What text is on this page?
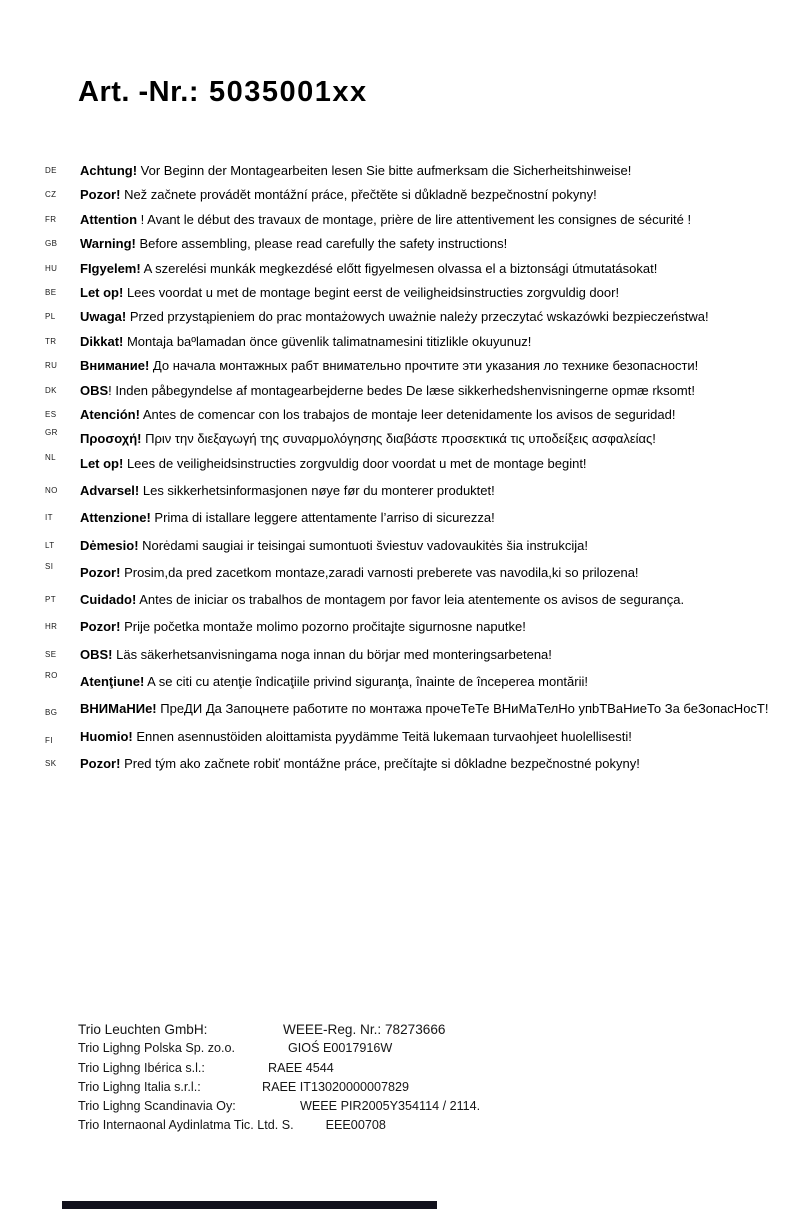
Art. -Nr.: 5035001xx
DE	Achtung! Vor Beginn der Montagearbeiten lesen Sie bitte aufmerksam die Sicherheitshinweise!
CZ	Pozor! Než začnete provádět montážní práce, přečtěte si důkladně bezpečnostní pokyny!
FR	Attention ! Avant le début des travaux de montage, prière de lire attentivement les consignes de sécurité !
GB	Warning! Before assembling, please read carefully the safety instructions!
HU	FIgyelem! A szerelési munkák megkezdésé előtt figyelmesen olvassa el a biztonsági útmutatásokat!
BE	Let op! Lees voordat u met de montage begint eerst de veiligheidsinstructies zorgvuldig door!
PL	Uwaga! Przed przystąpieniem do prac montażowych uważnie należy przeczytać wskazówki bezpieczeństwa!
TR	Dikkat! Montaja baºlamadan önce güvenlik talimatnamesini titizlikle okuyunuz!
RU	Внимание! До начала монтажных рабт внимательно прочтите эти указания ло технике безопасности!
DK	OBS! Inden påbegyndelse af montagearbejderne bedes De læse sikkerhedshenvisningerne opmæ rksomt!
ES	Atención! Antes de comencar con los trabajos de montaje leer detenidamente los avisos de seguridad!
GR	Προσοχή! Πριν την διεξαγωγή της συναρμολόγησης διαβάστε προσεκτικά τις υποδείξεις ασφαλείας!
NL	Let op! Lees de veiligheidsinstructies zorgvuldig door voordat u met de montage begint!
NO	Advarsel! Les sikkerhetsinformasjonen nøye før du monterer produktet!
IT	Attenzione! Prima di istallare leggere attentamente l’arriso di sicurezza!
LT	Dėmesio! Norėdami saugiai ir teisingai sumontuoti šviestuv vadovaukitės šia instrukcija!
SI	Pozor! Prosim,da pred zacetkom montaze,zaradi varnosti preberete vas navodila,ki so prilozena!
PT	Cuidado! Antes de iniciar os trabalhos de montagem por favor leia atentemente os avisos de segurança.
HR	Pozor! Prije početka montaže molimo pozorno pročitajte sigurnosne naputke!
SE	OBS! Läs säkerhetsanvisningama noga innan du börjar med monteringsarbetena!
RO	Atenţiune! A se citi cu atenţie îndicaţiile privind siguranţa, înainte de începerea montării!
BG	ВНИМаНИе! ПреДИ Да Запоцнете работите по монтажа прочеТеТе ВНиМаТелНо упbТВаНиеТо За беЗопасНосТ!
FI	Huomio! Ennen asennustöiden aloittamista pyydämme Teitä lukemaan turvaohjeet huolellisesti!
SK	Pozor! Pred tým ako začnete robiť montážne práce, prečítajte si dôkladne bezpečnostné pokyny!
Trio Leuchten GmbH:	WEEE-Reg. Nr.: 78273666
Trio Lighng Polska Sp. zo.o.	GIOŚ E0017916W
Trio Lighng Ibérica s.l.:	RAEE 4544
Trio Lighng Italia s.r.l.:	RAEE IT13020000007829
Trio Lighng Scandinavia Oy:	WEEE PIR2005Y354114 / 2114.
Trio Internaonal Aydinlatma Tic. Ltd. S.	EEE00708
